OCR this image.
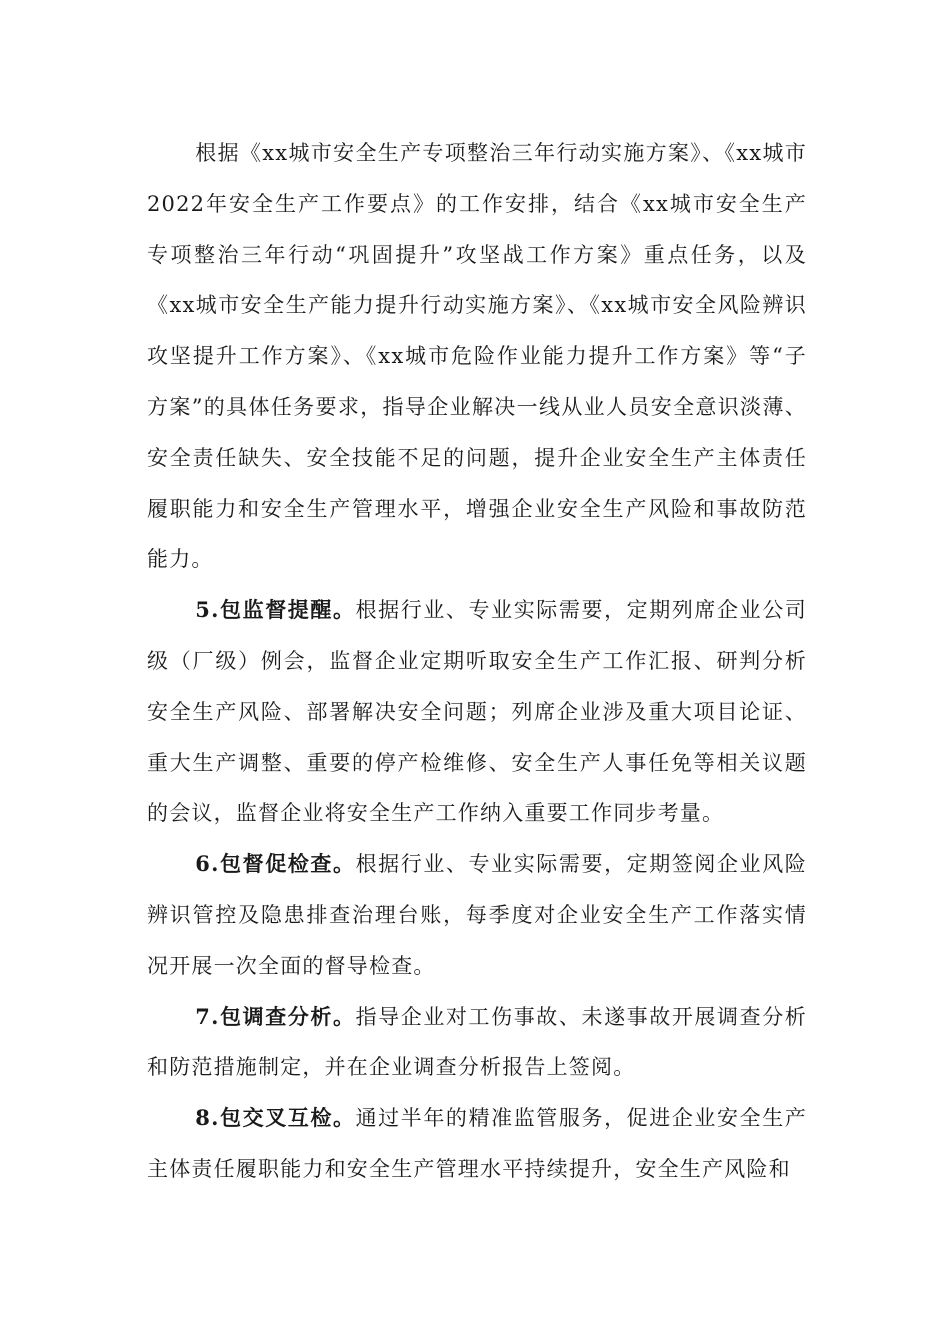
根据《xx城市安全生产专项整治三年行动实施方案》、《xx城市2022年安全生产工作要点》的工作安排，结合《xx城市安全生产专项整治三年行动“巩固提升”攻坚战工作方案》重点任务，以及《xx城市安全生产能力提升行动实施方案》、《xx城市安全风险辨识攻坚提升工作方案》、《xx城市危险作业能力提升工作方案》等“子方案”的具体任务要求，指导企业解决一线从业人员安全意识淡薄、安全责任缺失、安全技能不足的问题，提升企业安全生产主体责任履职能力和安全生产管理水平，增强企业安全生产风险和事故防范能力。

5.包监督提醒。根据行业、专业实际需要，定期列席企业公司级（厂级）例会，监督企业定期听取安全生产工作汇报、研判分析安全生产风险、部署解决安全问题；列席企业涉及重大项目论证、重大生产调整、重要的停产检维修、安全生产人事任免等相关议题的会议，监督企业将安全生产工作纳入重要工作同步考量。

6.包督促检查。根据行业、专业实际需要，定期签阅企业风险辨识管控及隐患排查治理台账，每季度对企业安全生产工作落实情况开展一次全面的督导检查。

7.包调查分析。指导企业对工伤事故、未遂事故开展调查分析和防范措施制定，并在企业调查分析报告上签阅。

8.包交叉互检。通过半年的精准监管服务，促进企业安全生产主体责任履职能力和安全生产管理水平持续提升，安全生产风险和
